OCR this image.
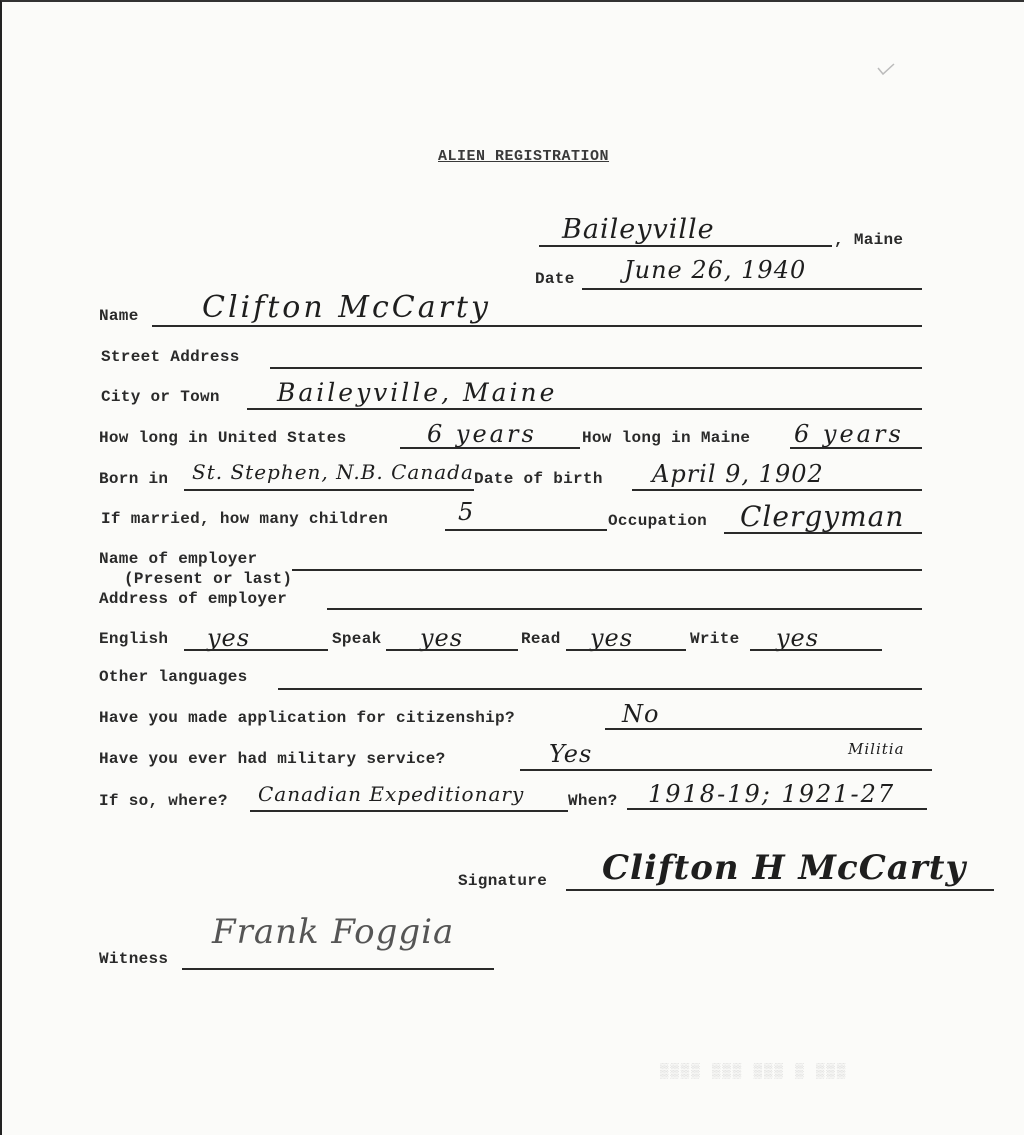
ALIEN REGISTRATION
Baileyville	, Maine
Date June 26, 1940
Name Clifton McCarty
Street Address
City or Town Baileyville, Maine
How long in United States	6 years	How long in Maine 6 years
Born in St. Stephen, N.B. Canada Date of birth April 9, 1902
If married, how many children	5	Occupation Clergyman
Name of employer
(Present or last)
Address of employer
English yes	Speak yes	Read yes	Write yes
Other languages
Have you made application for citizenship?	No
Have you ever had military service?	Yes	Militia
If so, where? Canadian Expeditionary	When? 1918-19; 1921-27
Signature Clifton H McCarty
Witness
Frank Foggia
▒▒▒▒ ▒▒▒ ▒▒▒ ▒ ▒▒▒
